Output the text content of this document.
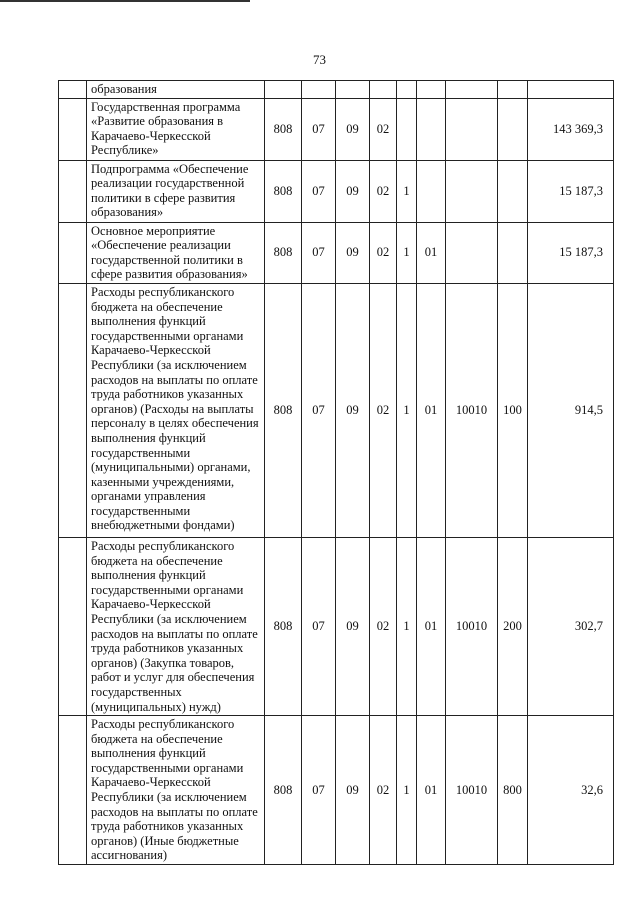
73
	образования									
	Государственная программа «Развитие образования в Карачаево-Черкесской Республике»	808	07	09	02					143 369,3
	Подпрограмма «Обеспечение реализации государственной политики в сфере развития образования»	808	07	09	02	1				15 187,3
	Основное мероприятие «Обеспечение реализации государственной политики в сфере развития образования»	808	07	09	02	1	01			15 187,3
	Расходы республиканского бюджета на обеспечение выполнения функций государственными органами Карачаево-Черкесской Республики (за исключением расходов на выплаты по оплате труда работников указанных органов) (Расходы на выплаты персоналу в целях обеспечения выполнения функций государственными (муниципальными) органами, казенными учреждениями, органами управления государственными внебюджетными фондами)	808	07	09	02	1	01	10010	100	914,5
	Расходы республиканского бюджета на обеспечение выполнения функций государственными органами Карачаево-Черкесской Республики (за исключением расходов на выплаты по оплате труда работников указанных органов) (Закупка товаров, работ и услуг для обеспечения государственных (муниципальных) нужд)	808	07	09	02	1	01	10010	200	302,7
	Расходы республиканского бюджета на обеспечение выполнения функций государственными органами Карачаево-Черкесской Республики (за исключением расходов на выплаты по оплате труда работников указанных органов) (Иные бюджетные ассигнования)	808	07	09	02	1	01	10010	800	32,6
